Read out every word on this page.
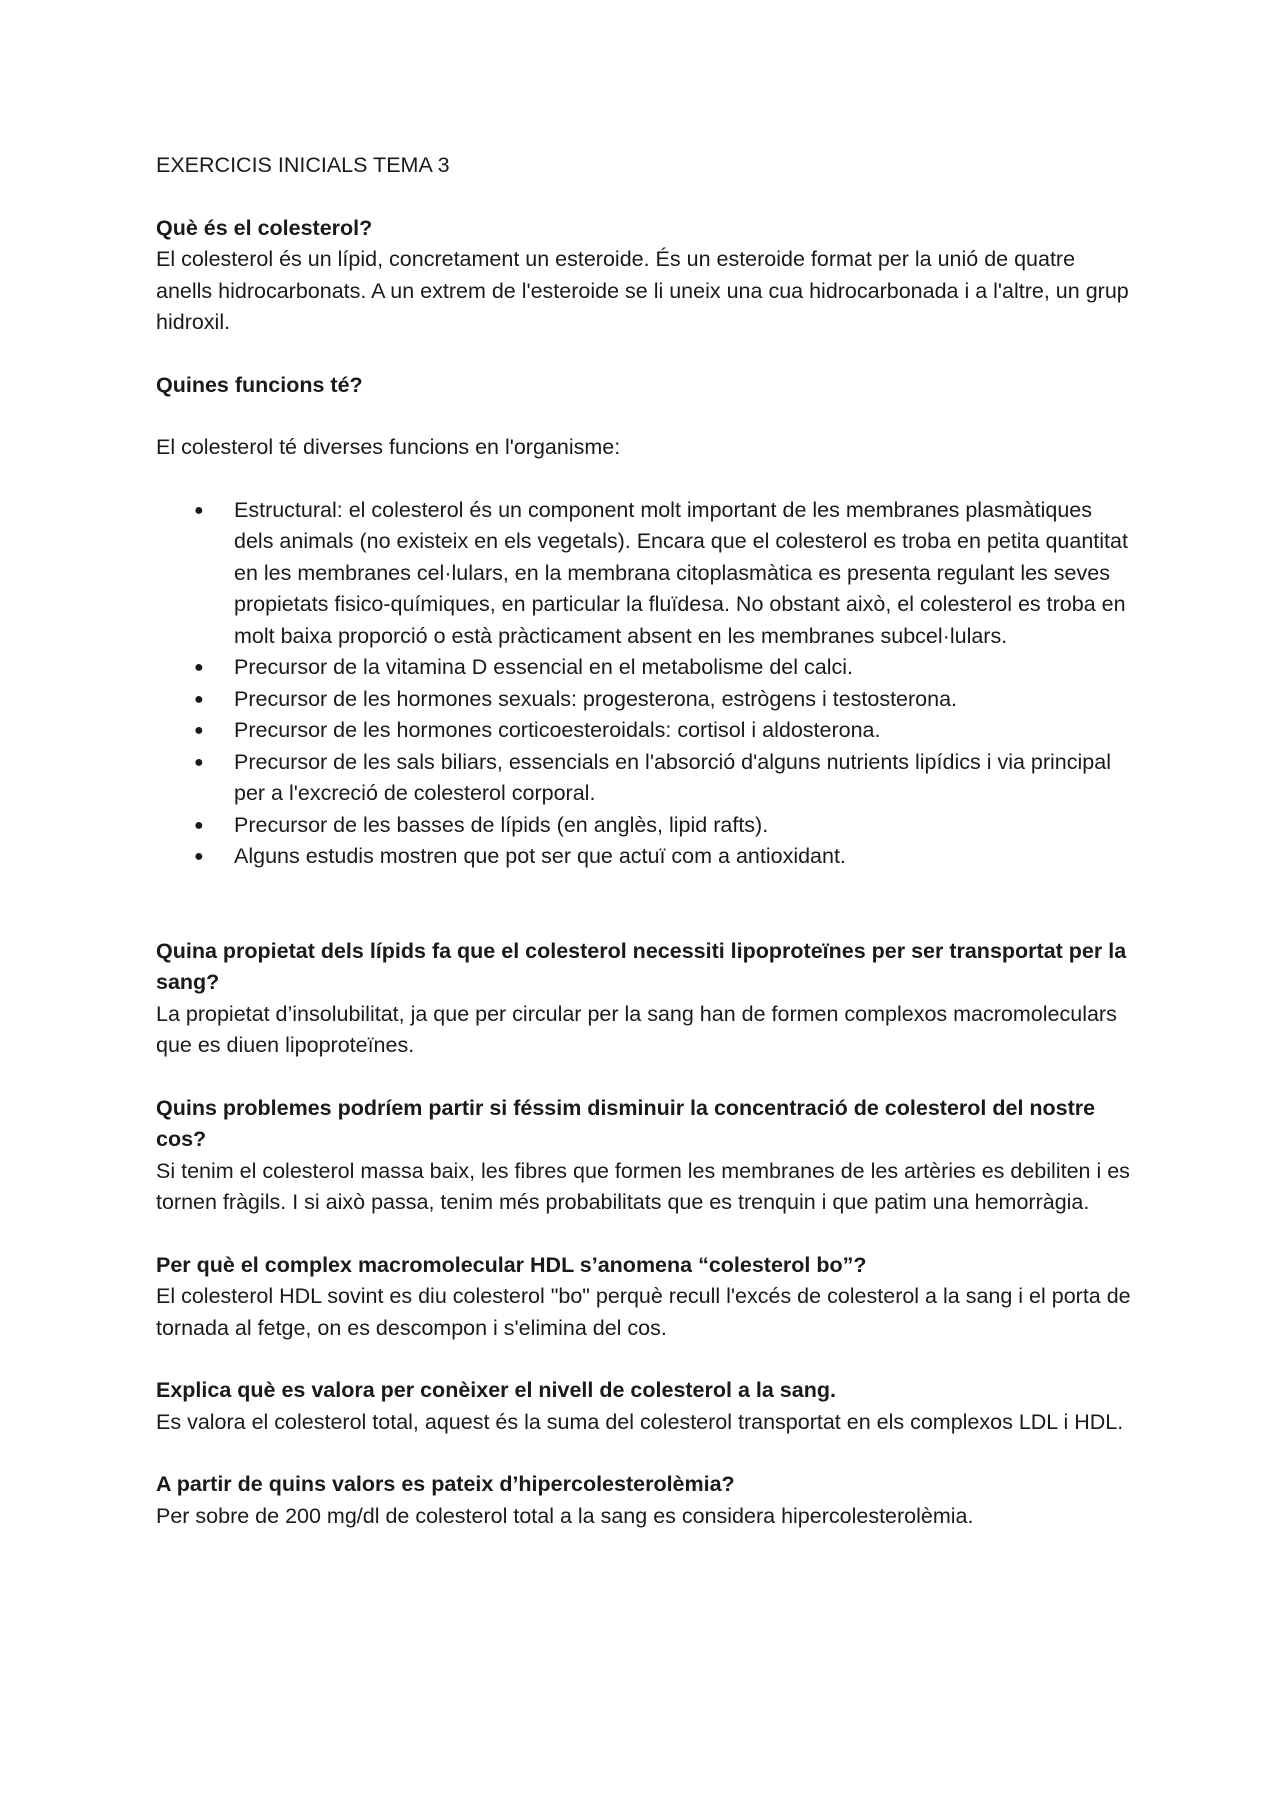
EXERCICIS INICIALS TEMA 3

Què és el colesterol?

El colesterol és un lípid, concretament un esteroide. És un esteroide format per la unió de quatre anells hidrocarbonats. A un extrem de l'esteroide se li uneix una cua hidrocarbonada i a l'altre, un grup hidroxil.

Quines funcions té?

El colesterol té diverses funcions en l'organisme:

● Estructural: el colesterol és un component molt important de les membranes plasmàtiques dels animals (no existeix en els vegetals). Encara que el colesterol es troba en petita quantitat en les membranes cel·lulars, en la membrana citoplasmàtica es presenta regulant les seves propietats fisico-químiques, en particular la fluïdesa. No obstant això, el colesterol es troba en molt baixa proporció o està pràcticament absent en les membranes subcel·lulars.
● Precursor de la vitamina D essencial en el metabolisme del calci.
● Precursor de les hormones sexuals: progesterona, estrògens i testosterona.
● Precursor de les hormones corticoesteroidals: cortisol i aldosterona.
● Precursor de les sals biliars, essencials en l'absorció d'alguns nutrients lipídics i via principal per a l'excreció de colesterol corporal.
● Precursor de les basses de lípids (en anglès, lipid rafts).
● Alguns estudis mostren que pot ser que actuï com a antioxidant.

Quina propietat dels lípids fa que el colesterol necessiti lipoproteïnes per ser transportat per la sang?

La propietat d’insolubilitat, ja que per circular per la sang han de formen complexos macromoleculars que es diuen lipoproteïnes.

Quins problemes podríem partir si féssim disminuir la concentració de colesterol del nostre cos?

Si tenim el colesterol massa baix, les fibres que formen les membranes de les artèries es debiliten i es tornen fràgils. I si això passa, tenim més probabilitats que es trenquin i que patim una hemorràgia.

Per què el complex macromolecular HDL s’anomena “colesterol bo”?

El colesterol HDL sovint es diu colesterol "bo" perquè recull l'excés de colesterol a la sang i el porta de tornada al fetge, on es descompon i s'elimina del cos.

Explica què es valora per conèixer el nivell de colesterol a la sang.

Es valora el colesterol total, aquest és la suma del colesterol transportat en els complexos LDL i HDL.

A partir de quins valors es pateix d’hipercolesterolèmia?

Per sobre de 200 mg/dl de colesterol total a la sang es considera hipercolesterolèmia.
